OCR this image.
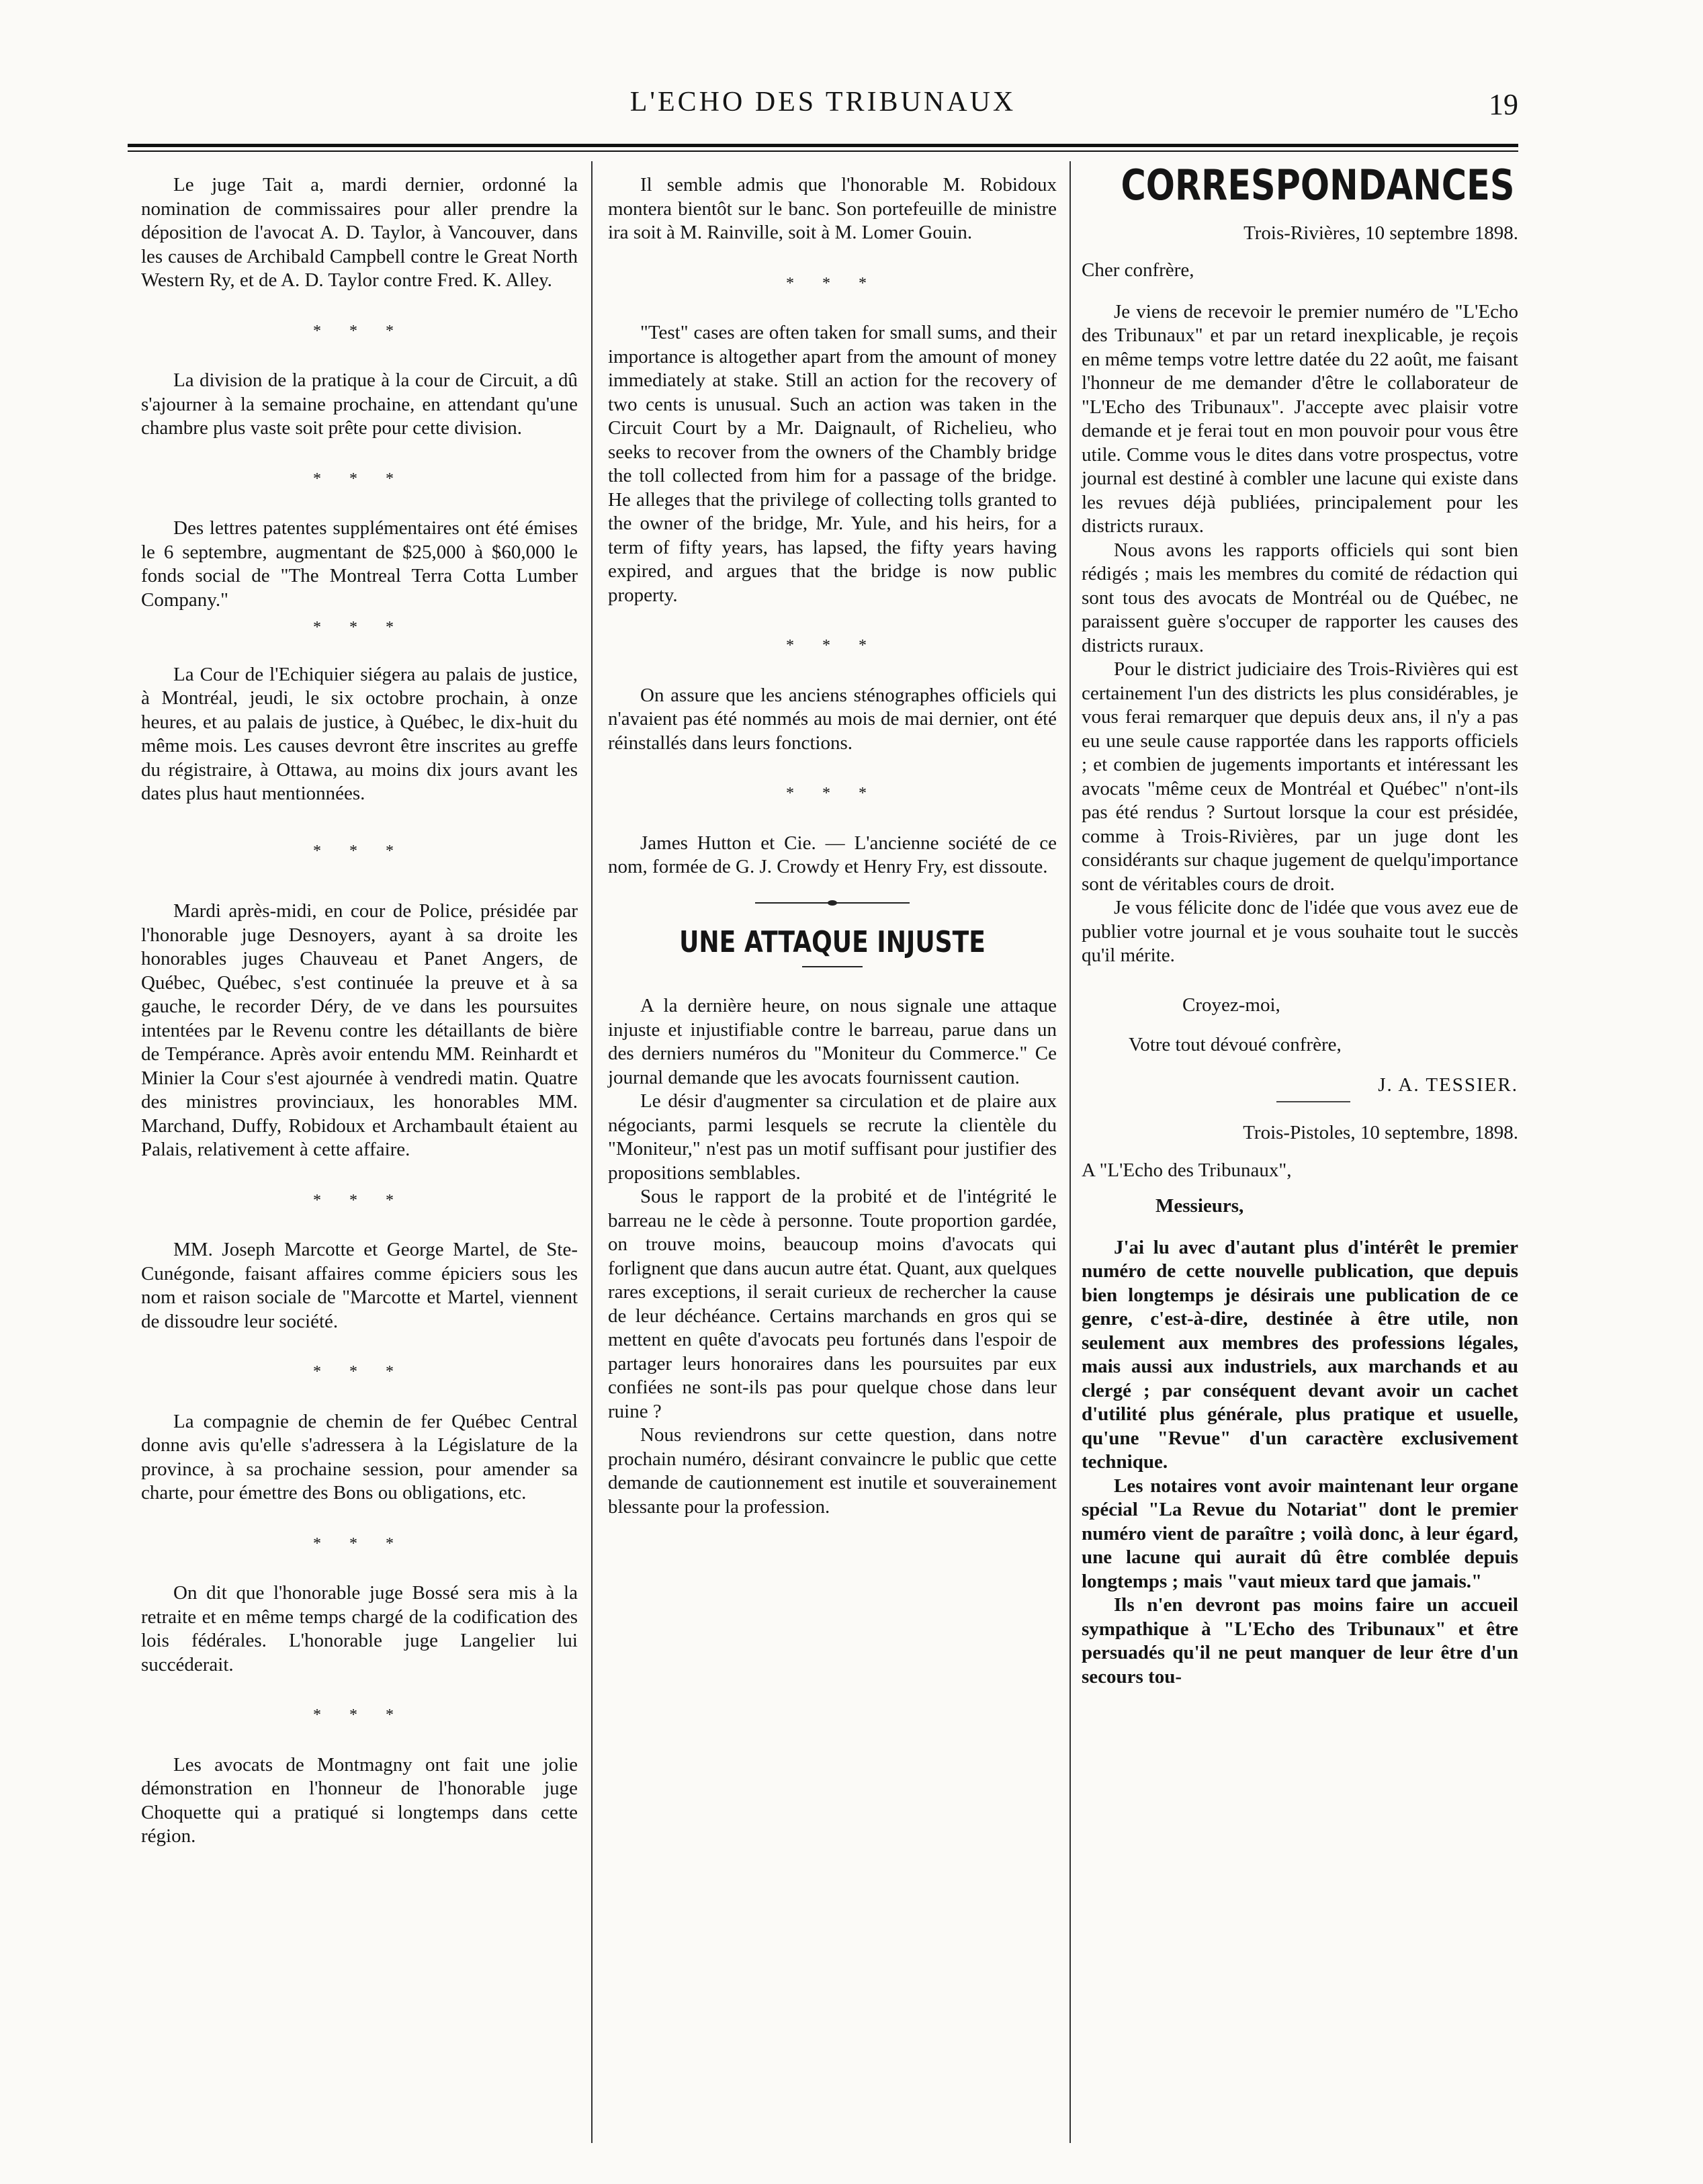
L'ECHO DES TRIBUNAUX	19

Le juge Tait a, mardi dernier, ordonné la nomination de commissaires pour aller prendre la déposition de l'avocat A. D. Taylor, à Vancouver, dans les causes de Archibald Campbell contre le Great North Western Ry, et de A. D. Taylor contre Fred. K. Alley.

* * *

La division de la pratique à la cour de Circuit, a dû s'ajourner à la semaine prochaine, en attendant qu'une chambre plus vaste soit prête pour cette division.

* * *

Des lettres patentes supplémentaires ont été émises le 6 septembre, augmentant de $25,000 à $60,000 le fonds social de "The Montreal Terra Cotta Lumber Company."

* * *

La Cour de l'Echiquier siégera au palais de justice, à Montréal, jeudi, le six octobre prochain, à onze heures, et au palais de justice, à Québec, le dix-huit du même mois. Les causes devront être inscrites au greffe du régistraire, à Ottawa, au moins dix jours avant les dates plus haut mentionnées.

* * *

Mardi après-midi, en cour de Police, présidée par l'honorable juge Desnoyers, ayant à sa droite les honorables juges Chauveau et Panet Angers, de Québec, Québec, s'est continuée la preuve et à sa gauche, le recorder Déry, de ve dans les poursuites intentées par le Revenu contre les détaillants de bière de Tempérance. Après avoir entendu MM. Reinhardt et Minier la Cour s'est ajournée à vendredi matin. Quatre des ministres provinciaux, les honorables MM. Marchand, Duffy, Robidoux et Archambault étaient au Palais, relativement à cette affaire.

* * *

MM. Joseph Marcotte et George Martel, de Ste-Cunégonde, faisant affaires comme épiciers sous les nom et raison sociale de "Marcotte et Martel, viennent de dissoudre leur société.

* * *

La compagnie de chemin de fer Québec Central donne avis qu'elle s'adressera à la Législature de la province, à sa prochaine session, pour amender sa charte, pour émettre des Bons ou obligations, etc.

* * *

On dit que l'honorable juge Bossé sera mis à la retraite et en même temps chargé de la codification des lois fédérales. L'honorable juge Langelier lui succéderait.

* * *

Les avocats de Montmagny ont fait une jolie démonstration en l'honneur de l'honorable juge Choquette qui a pratiqué si longtemps dans cette région.

Il semble admis que l'honorable M. Robidoux montera bientôt sur le banc. Son portefeuille de ministre ira soit à M. Rainville, soit à M. Lomer Gouin.

* * *

"Test" cases are often taken for small sums, and their importance is altogether apart from the amount of money immediately at stake. Still an action for the recovery of two cents is unusual. Such an action was taken in the Circuit Court by a Mr. Daignault, of Richelieu, who seeks to recover from the owners of the Chambly bridge the toll collected from him for a passage of the bridge. He alleges that the privilege of collecting tolls granted to the owner of the bridge, Mr. Yule, and his heirs, for a term of fifty years, has lapsed, the fifty years having expired, and argues that the bridge is now public property.

* * *

On assure que les anciens sténographes officiels qui n'avaient pas été nommés au mois de mai dernier, ont été réinstallés dans leurs fonctions.

* * *

James Hutton et Cie. — L'ancienne société de ce nom, formée de G. J. Crowdy et Henry Fry, est dissoute.

UNE ATTAQUE INJUSTE

A la dernière heure, on nous signale une attaque injuste et injustifiable contre le barreau, parue dans un des derniers numéros du "Moniteur du Commerce." Ce journal demande que les avocats fournissent caution.

Le désir d'augmenter sa circulation et de plaire aux négociants, parmi lesquels se recrute la clientèle du "Moniteur," n'est pas un motif suffisant pour justifier des propositions semblables.

Sous le rapport de la probité et de l'intégrité le barreau ne le cède à personne. Toute proportion gardée, on trouve moins, beaucoup moins d'avocats qui forlignent que dans aucun autre état. Quant, aux quelques rares exceptions, il serait curieux de rechercher la cause de leur déchéance. Certains marchands en gros qui se mettent en quête d'avocats peu fortunés dans l'espoir de partager leurs honoraires dans les poursuites par eux confiées ne sont-ils pas pour quelque chose dans leur ruine ?

Nous reviendrons sur cette question, dans notre prochain numéro, désirant convaincre le public que cette demande de cautionnement est inutile et souverainement blessante pour la profession.

CORRESPONDANCES

Trois-Rivières, 10 septembre 1898.

Cher confrère,

Je viens de recevoir le premier numéro de "L'Echo des Tribunaux" et par un retard inexplicable, je reçois en même temps votre lettre datée du 22 août, me faisant l'honneur de me demander d'être le collaborateur de "L'Echo des Tribunaux". J'accepte avec plaisir votre demande et je ferai tout en mon pouvoir pour vous être utile. Comme vous le dites dans votre prospectus, votre journal est destiné à combler une lacune qui existe dans les revues déjà publiées, principalement pour les districts ruraux.

Nous avons les rapports officiels qui sont bien rédigés ; mais les membres du comité de rédaction qui sont tous des avocats de Montréal ou de Québec, ne paraissent guère s'occuper de rapporter les causes des districts ruraux.

Pour le district judiciaire des Trois-Rivières qui est certainement l'un des districts les plus considérables, je vous ferai remarquer que depuis deux ans, il n'y a pas eu une seule cause rapportée dans les rapports officiels ; et combien de jugements importants et intéressant les avocats "même ceux de Montréal et Québec" n'ont-ils pas été rendus ? Surtout lorsque la cour est présidée, comme à Trois-Rivières, par un juge dont les considérants sur chaque jugement de quelqu'importance sont de véritables cours de droit.

Je vous félicite donc de l'idée que vous avez eue de publier votre journal et je vous souhaite tout le succès qu'il mérite.

Croyez-moi,

Votre tout dévoué confrère,

J. A. TESSIER.

Trois-Pistoles, 10 septembre, 1898.

A "L'Echo des Tribunaux",

Messieurs,

J'ai lu avec d'autant plus d'intérêt le premier numéro de cette nouvelle publication, que depuis bien longtemps je désirais une publication de ce genre, c'est-à-dire, destinée à être utile, non seulement aux membres des professions légales, mais aussi aux industriels, aux marchands et au clergé ; par conséquent devant avoir un cachet d'utilité plus générale, plus pratique et usuelle, qu'une "Revue" d'un caractère exclusivement technique.

Les notaires vont avoir maintenant leur organe spécial "La Revue du Notariat" dont le premier numéro vient de paraître ; voilà donc, à leur égard, une lacune qui aurait dû être comblée depuis longtemps ; mais "vaut mieux tard que jamais."

Ils n'en devront pas moins faire un accueil sympathique à "L'Echo des Tribunaux" et être persuadés qu'il ne peut manquer de leur être d'un secours tou-
